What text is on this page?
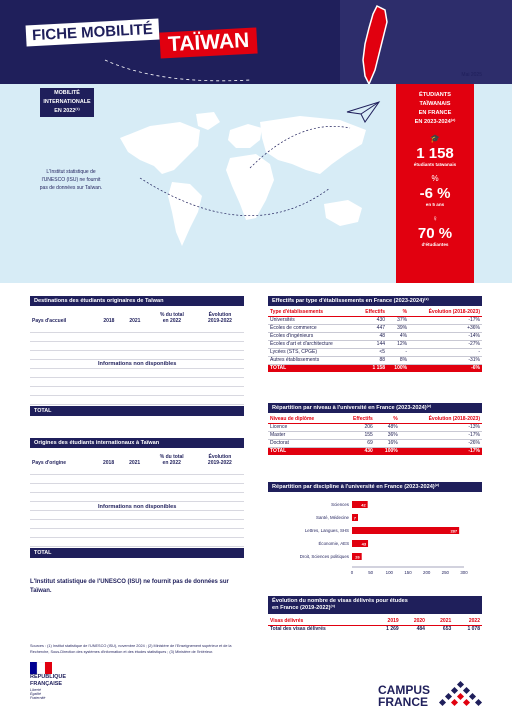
FICHE MOBILITÉ TAÏWAN
Mai 2025
MOBILITÉ
INTERNATIONALE
EN 2022⁽¹⁾
L'Institut statistique de l'UNESCO (ISU) ne fournit pas de données sur Taïwan.
ÉTUDIANTS
TAÏWANAIS
EN FRANCE
EN 2023-2024⁽²⁾
🎓
1 158
étudiants taïwanais
%
-6 %
en 5 ans
♀
70 %
d'étudiantes
Destinations des étudiants originaires de Taïwan
Pays d'accueil	2018	2021	
% du total
en 2022

Évolution
2019-2022
Informations non disponibles
TOTAL
Origines des étudiants internationaux à Taïwan
Pays d'origine	2018	2021	
% du total
en 2022

Évolution
2019-2022
Informations non disponibles
TOTAL
L'Institut statistique de l'UNESCO (ISU) ne fournit pas de données sur Taïwan.
Effectifs par type d'établissements en France (2023-2024)⁽²⁾
Type d'établissements	Effectifs	%	Évolution (2018-2023)
Universités	430	37%	-17%
Écoles de commerce	447	39%	+36%
Écoles d'ingénieurs	48	4%	-14%
Écoles d'art et d'architecture	144	12%	-27%
Lycées (STS, CPGE)	<5	-	-
Autres établissements	88	8%	-31%
TOTAL	1 158	100%	-6%
Répartition par niveau à l'université en France (2023-2024)⁽²⁾
Niveau de diplôme	Effectifs	%	Évolution (2018-2023)
Licence	206	48%	-13%
Master	155	36%	-17%
Doctorat	69	16%	-26%
TOTAL	430	100%	-17%
Répartition par discipline à l'université en France (2023-2024)⁽²⁾
Sciences	42
Santé, Médecine 7
Lettres, Langues, SHS	287
Économie, AES	43
Droit, Sciences politiques 26
0	50	100	150	200	250	300
Évolution du nombre de visas délivrés pour études
en France (2019-2022)⁽³⁾
Visas délivrés	2019	2020	2021	2022
Total des visas délivrés	1 269	484	653	1 078
Sources : (1) Institut statistique de l'UNESCO (ISU), novembre 2024 ; (2) Ministère de l'Enseignement supérieur et de la Recherche, Sous-Direction des systèmes d'information et des études statistiques ; (3) Ministère de l'Intérieur.
RÉPUBLIQUE
FRANÇAISE
Liberté
Égalité
Fraternité
CAMPUS
FRANCE
